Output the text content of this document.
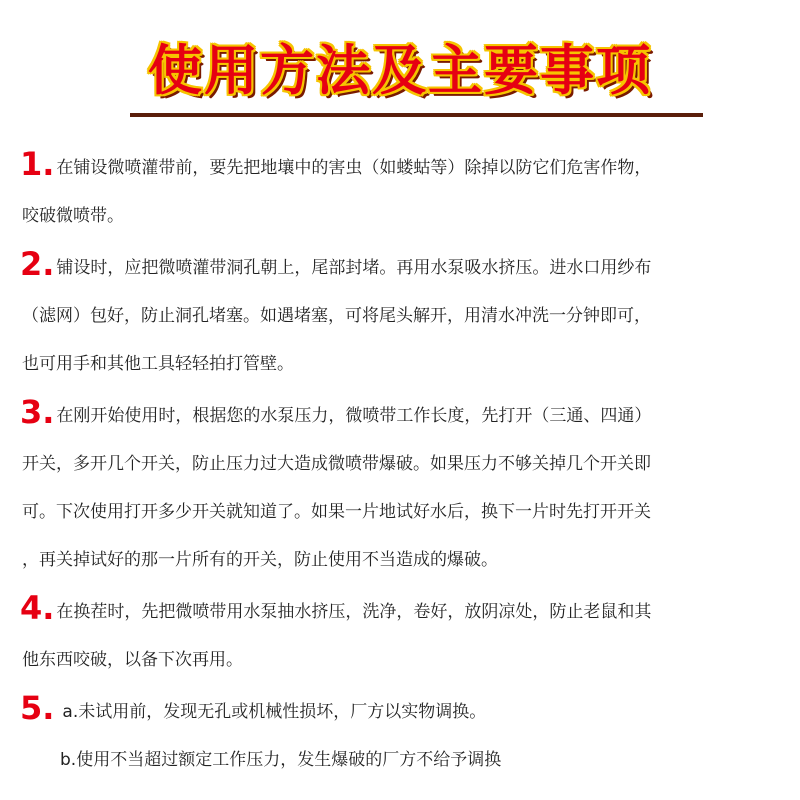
使用方法及主要事项
1. 在铺设微喷灌带前，要先把地壤中的害虫（如蝼蛄等）除掉以防它们危害作物，
咬破微喷带。
2. 铺设时，应把微喷灌带洞孔朝上，尾部封堵。再用水泵吸水挤压。进水口用纱布
（滤网）包好，防止洞孔堵塞。如遇堵塞，可将尾头解开，用清水冲洗一分钟即可，
也可用手和其他工具轻轻拍打管壁。
3. 在刚开始使用时，根据您的水泵压力，微喷带工作长度，先打开（三通、四通）
开关，多开几个开关，防止压力过大造成微喷带爆破。如果压力不够关掉几个开关即
可。下次使用打开多少开关就知道了。如果一片地试好水后，换下一片时先打开开关
，再关掉试好的那一片所有的开关，防止使用不当造成的爆破。
4. 在换茬时，先把微喷带用水泵抽水挤压，洗净，卷好，放阴凉处，防止老鼠和其
他东西咬破，以备下次再用。
5. a.未试用前，发现无孔或机械性损坏，厂方以实物调换。
b.使用不当超过额定工作压力，发生爆破的厂方不给予调换
